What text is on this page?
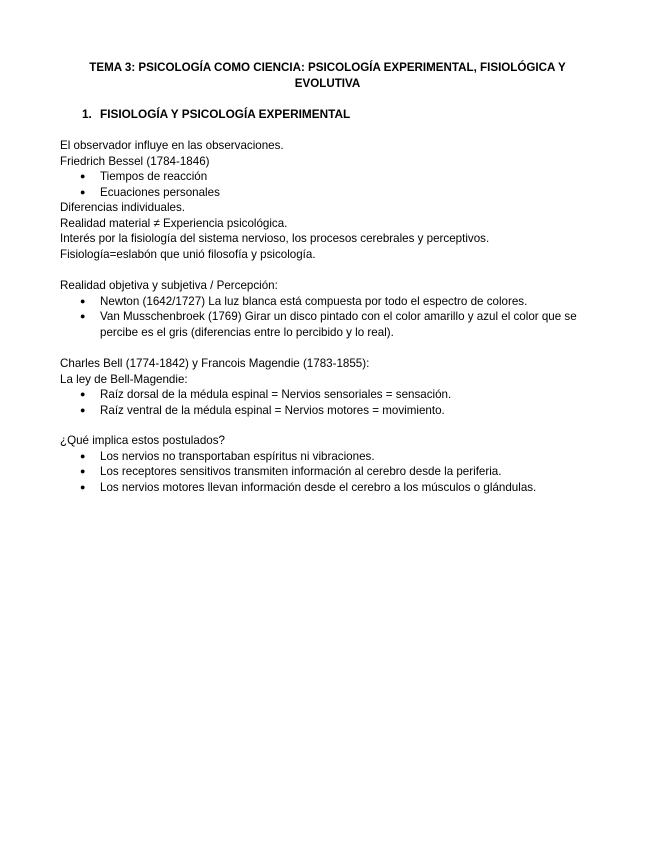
TEMA 3: PSICOLOGÍA COMO CIENCIA: PSICOLOGÍA EXPERIMENTAL, FISIOLÓGICA Y
EVOLUTIVA
1. FISIOLOGÍA Y PSICOLOGÍA EXPERIMENTAL
El observador influye en las observaciones.
Friedrich Bessel (1784-1846)
● Tiempos de reacción
● Ecuaciones personales
Diferencias individuales.
Realidad material ≠ Experiencia psicológica.
Interés por la fisiología del sistema nervioso, los procesos cerebrales y perceptivos.
Fisiología=eslabón que unió filosofía y psicología.
Realidad objetiva y subjetiva / Percepción:
● Newton (1642/1727) La luz blanca está compuesta por todo el espectro de colores.
● Van Musschenbroek (1769) Girar un disco pintado con el color amarillo y azul el color que se
percibe es el gris (diferencias entre lo percibido y lo real).
Charles Bell (1774-1842) y Francois Magendie (1783-1855):
La ley de Bell-Magendie:
● Raíz dorsal de la médula espinal = Nervios sensoriales = sensación.
● Raíz ventral de la médula espinal = Nervios motores = movimiento.
¿Qué implica estos postulados?
● Los nervios no transportaban espíritus ni vibraciones.
● Los receptores sensitivos transmiten información al cerebro desde la periferia.
● Los nervios motores llevan información desde el cerebro a los músculos o glándulas.
